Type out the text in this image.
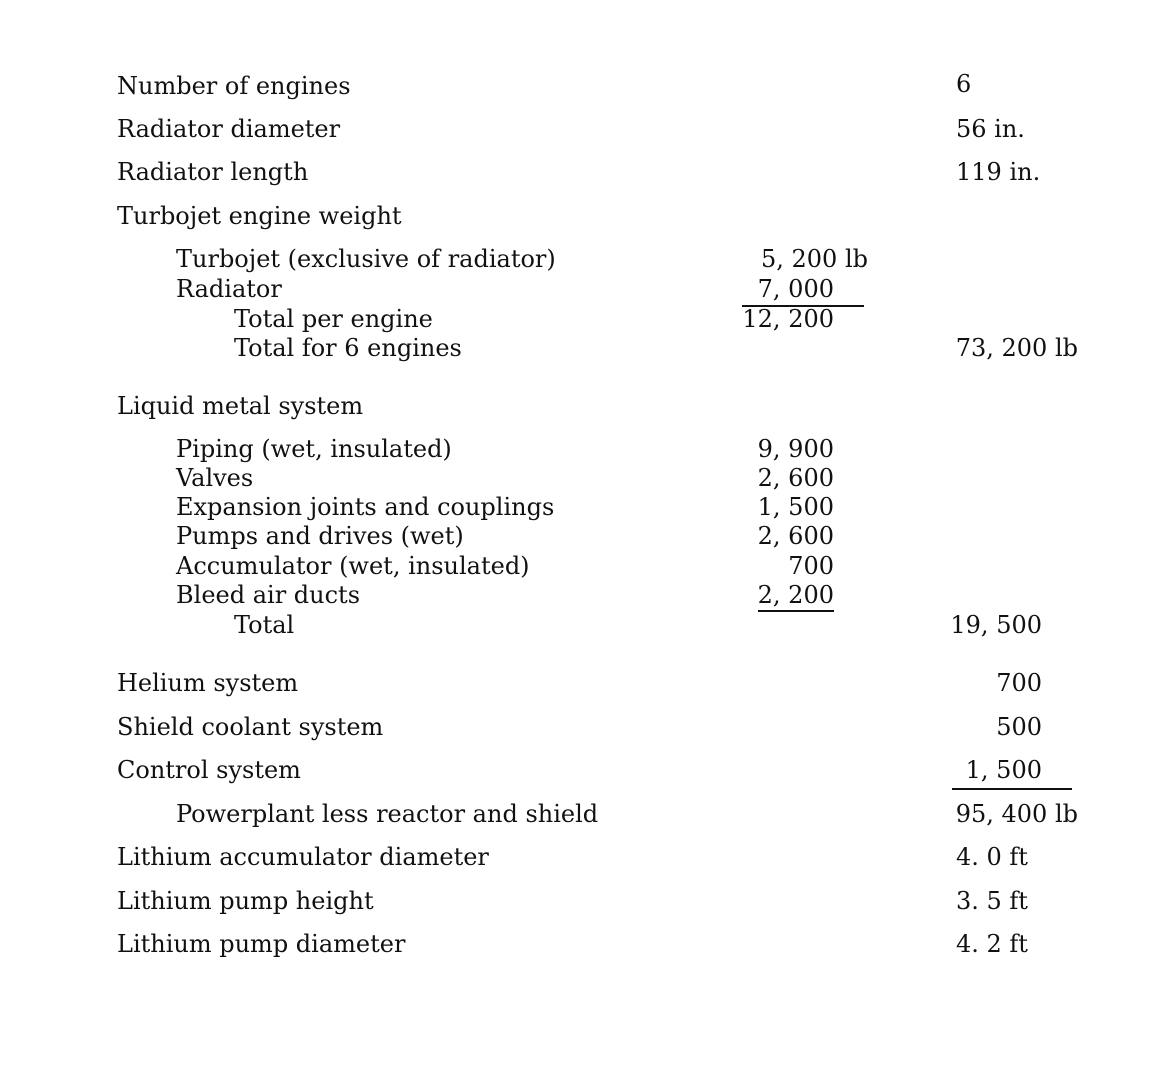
Number of engines	6
Radiator diameter	56 in.
Radiator length	119 in.
Turbojet engine weight
Turbojet (exclusive of radiator)	5, 200 lb
Radiator	7, 000
Total per engine	12, 200
Total for 6 engines	73, 200 lb
Liquid metal system
Piping (wet, insulated)	9, 900
Valves	2, 600
Expansion joints and couplings	1, 500
Pumps and drives (wet)	2, 600
Accumulator (wet, insulated)	700
Bleed air ducts	2, 200
Total	19, 500
Helium system	700
Shield coolant system	500
Control system	1, 500
Powerplant less reactor and shield	95, 400 lb
Lithium accumulator diameter	4. 0 ft
Lithium pump height	3. 5 ft
Lithium pump diameter	4. 2 ft
